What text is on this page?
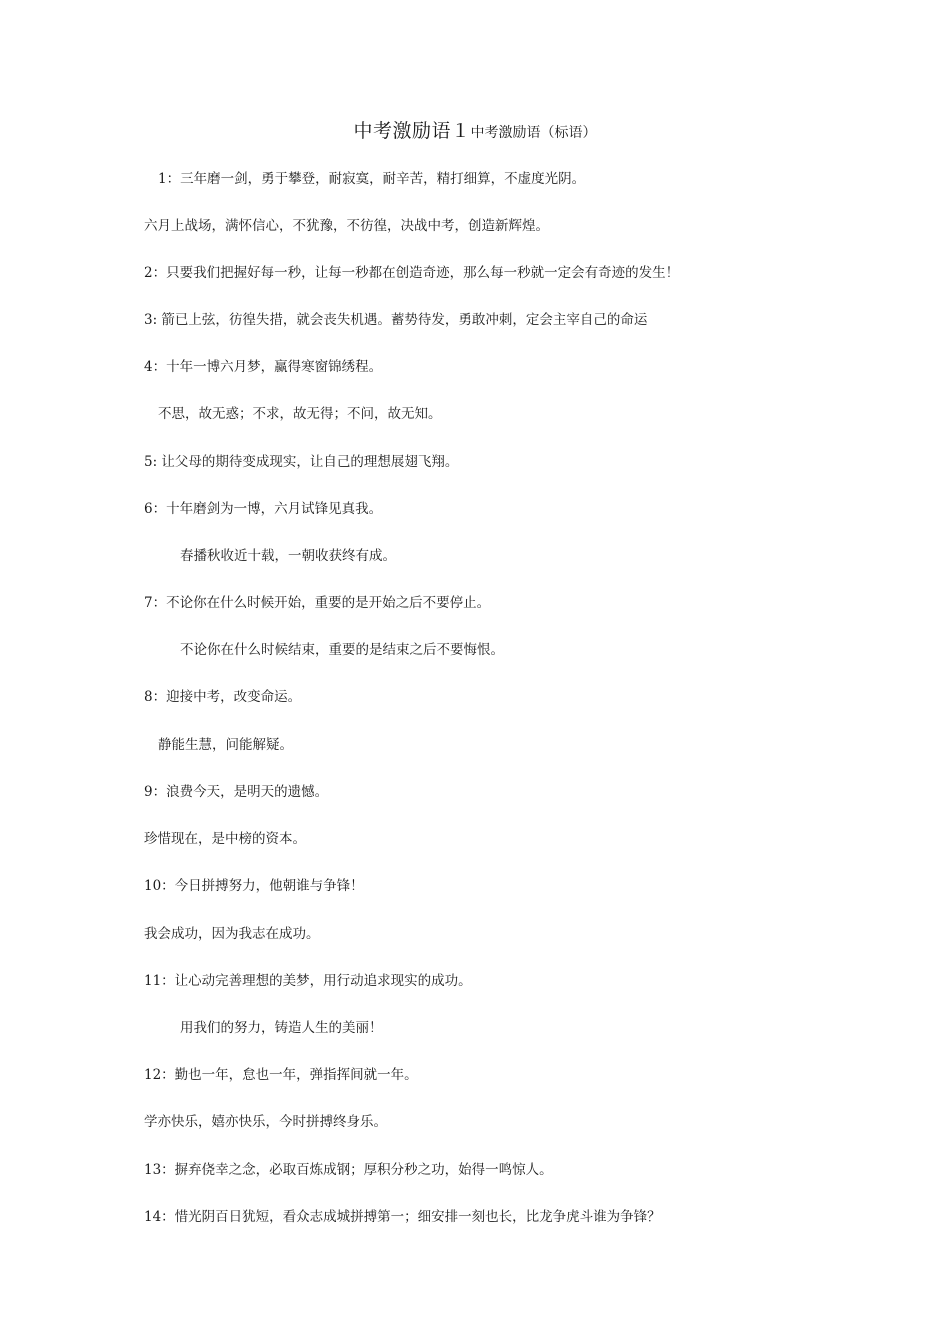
中考激励语１中考激励语（标语）
1：三年磨一剑，勇于攀登，耐寂寞，耐辛苦，精打细算，不虚度光阴。
六月上战场，满怀信心，不犹豫，不彷徨，决战中考，创造新辉煌。
2：只要我们把握好每一秒，让每一秒都在创造奇迹，那么每一秒就一定会有奇迹的发生！
3: 箭已上弦，彷徨失措，就会丧失机遇。蓄势待发，勇敢冲刺，定会主宰自己的命运
4：十年一博六月梦，赢得寒窗锦绣程。
不思，故无惑；不求，故无得；不问，故无知。
5: 让父母的期待变成现实，让自己的理想展翅飞翔。
6：十年磨剑为一博，六月试锋见真我。
春播秋收近十载，一朝收获终有成。
7：不论你在什么时候开始，重要的是开始之后不要停止。
不论你在什么时候结束，重要的是结束之后不要悔恨。
8：迎接中考，改变命运。
静能生慧，问能解疑。
9：浪费今天，是明天的遗憾。
珍惜现在，是中榜的资本。
10：今日拼搏努力，他朝谁与争锋！
我会成功，因为我志在成功。
11：让心动完善理想的美梦，用行动追求现实的成功。
用我们的努力，铸造人生的美丽！
12：勤也一年，怠也一年，弹指挥间就一年。
学亦快乐，嬉亦快乐，今时拼搏终身乐。
13：摒弃侥幸之念，必取百炼成钢；厚积分秒之功，始得一鸣惊人。
14：惜光阴百日犹短，看众志成城拼搏第一；细安排一刻也长，比龙争虎斗谁为争锋？
